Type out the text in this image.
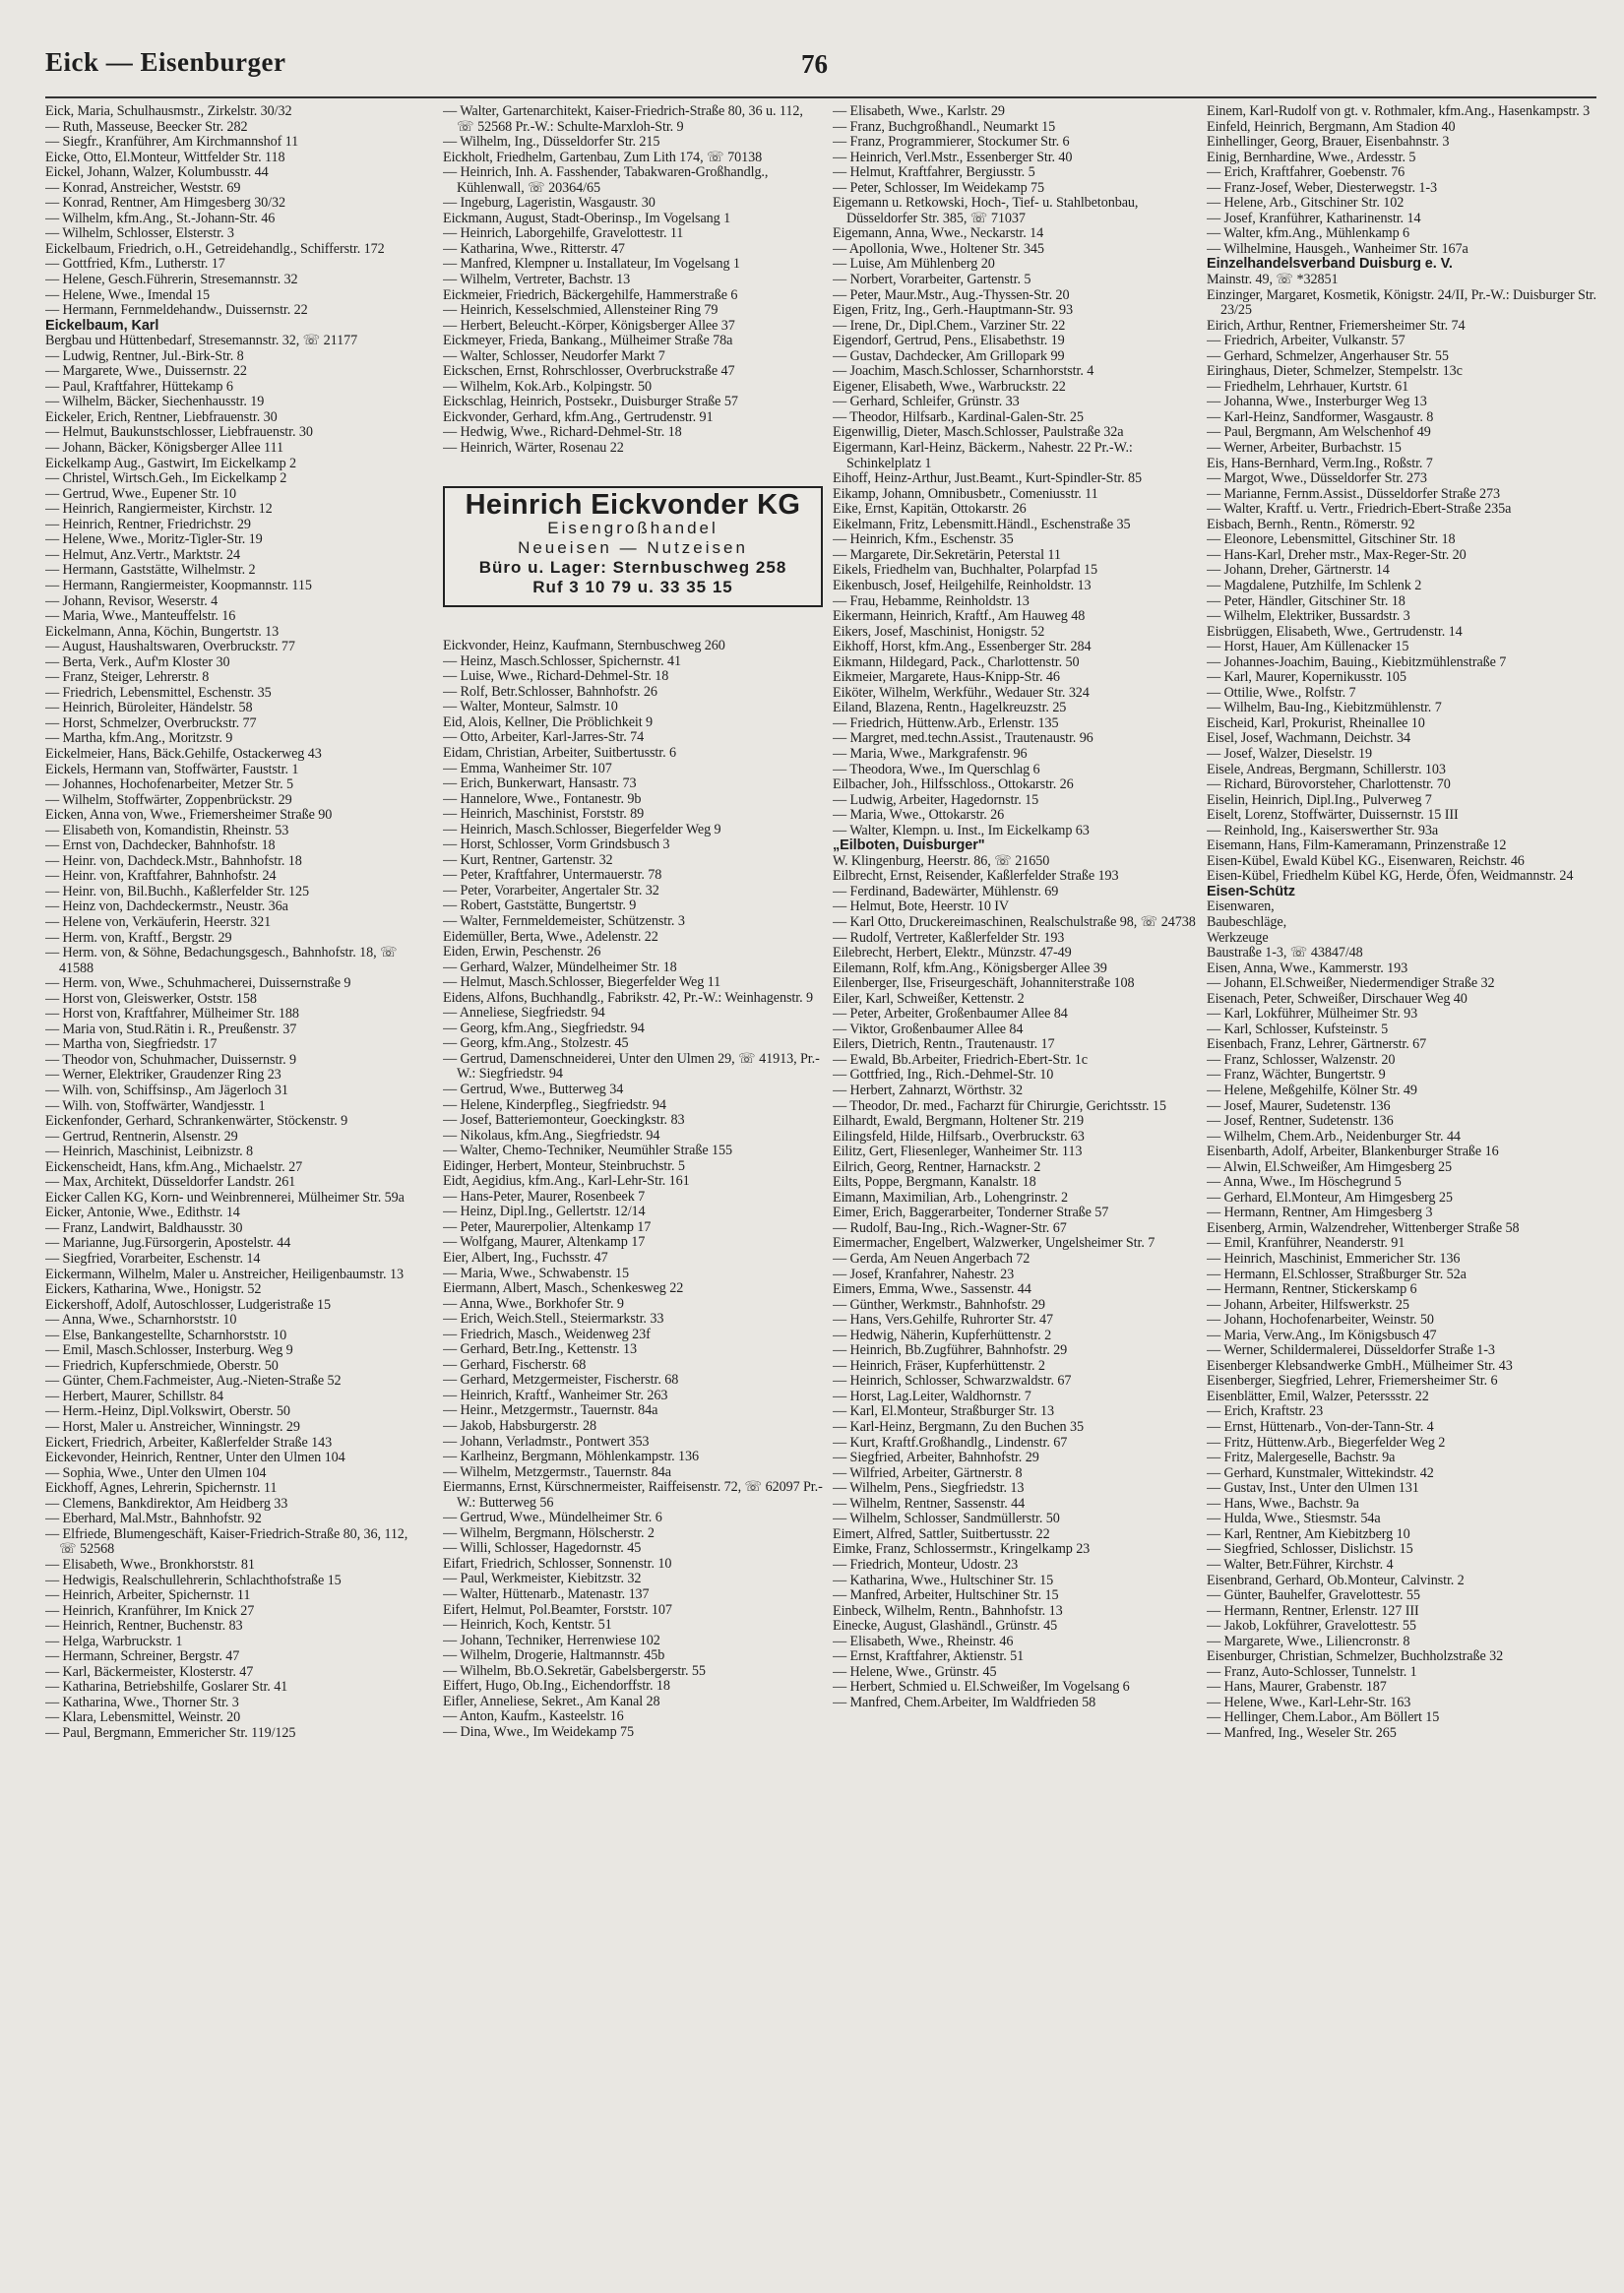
Eick — Eisenburger	76
Eick, Maria, Schulhausmstr., Zirkelstr. 30/32
— Ruth, Masseuse, Beecker Str. 282
— Siegfr., Kranführer, Am Kirchmannshof 11
Eicke, Otto, El.Monteur, Wittfelder Str. 118
Eickel, Johann, Walzer, Kolumbusstr. 44
— Konrad, Anstreicher, Weststr. 69
— Konrad, Rentner, Am Himgesberg 30/32
— Wilhelm, kfm.Ang., St.-Johann-Str. 46
— Wilhelm, Schlosser, Elsterstr. 3
Eickelbaum, Friedrich, o.H., Getreidehandlg., Schifferstr. 172
— Gottfried, Kfm., Lutherstr. 17
— Helene, Gesch.Führerin, Stresemannstr. 32
— Helene, Wwe., Imendal 15
— Hermann, Fernmeldehandw., Duissernstr. 22
Eickelbaum, Karl
Bergbau und Hüttenbedarf, Stresemannstr. 32, ☏ 21177
— Ludwig, Rentner, Jul.-Birk-Str. 8
— Margarete, Wwe., Duissernstr. 22
— Paul, Kraftfahrer, Hüttekamp 6
— Wilhelm, Bäcker, Siechenhausstr. 19
Eickeler, Erich, Rentner, Liebfrauenstr. 30
— Helmut, Baukunstschlosser, Liebfrauenstr. 30
— Johann, Bäcker, Königsberger Allee 111
Eickelkamp Aug., Gastwirt, Im Eickelkamp 2
— Christel, Wirtsch.Geh., Im Eickelkamp 2
— Gertrud, Wwe., Eupener Str. 10
— Heinrich, Rangiermeister, Kirchstr. 12
— Heinrich, Rentner, Friedrichstr. 29
— Helene, Wwe., Moritz-Tigler-Str. 19
— Helmut, Anz.Vertr., Marktstr. 24
— Hermann, Gaststätte, Wilhelmstr. 2
— Hermann, Rangiermeister, Koopmannstr. 115
— Johann, Revisor, Weserstr. 4
— Maria, Wwe., Manteuffelstr. 16
Eickelmann, Anna, Köchin, Bungertstr. 13
— August, Haushaltswaren, Overbruckstr. 77
— Berta, Verk., Auf'm Kloster 30
— Franz, Steiger, Lehrerstr. 8
— Friedrich, Lebensmittel, Eschenstr. 35
— Heinrich, Büroleiter, Händelstr. 58
— Horst, Schmelzer, Overbruckstr. 77
— Martha, kfm.Ang., Moritzstr. 9
Eickelmeier, Hans, Bäck.Gehilfe, Ostackerweg 43
Eickels, Hermann van, Stoffwärter, Fauststr. 1
— Johannes, Hochofenarbeiter, Metzer Str. 5
— Wilhelm, Stoffwärter, Zoppenbrückstr. 29
Eicken, Anna von, Wwe., Friemersheimer Straße 90
— Elisabeth von, Komandistin, Rheinstr. 53
— Ernst von, Dachdecker, Bahnhofstr. 18
— Heinr. von, Dachdeck.Mstr., Bahnhofstr. 18
— Heinr. von, Kraftfahrer, Bahnhofstr. 24
— Heinr. von, Bil.Buchh., Kaßlerfelder Str. 125
— Heinz von, Dachdeckermstr., Neustr. 36a
— Helene von, Verkäuferin, Heerstr. 321
— Herm. von, Kraftf., Bergstr. 29
— Herm. von, & Söhne, Bedachungsgesch., Bahnhofstr. 18, ☏ 41588
— Herm. von, Wwe., Schuhmacherei, Duissernstraße 9
— Horst von, Gleiswerker, Oststr. 158
— Horst von, Kraftfahrer, Mülheimer Str. 188
— Maria von, Stud.Rätin i. R., Preußenstr. 37
— Martha von, Siegfriedstr. 17
— Theodor von, Schuhmacher, Duissernstr. 9
— Werner, Elektriker, Graudenzer Ring 23
— Wilh. von, Schiffsinsp., Am Jägerloch 31
— Wilh. von, Stoffwärter, Wandjesstr. 1
Eickenfonder, Gerhard, Schrankenwärter, Stöckenstr. 9
— Gertrud, Rentnerin, Alsenstr. 29
— Heinrich, Maschinist, Leibnizstr. 8
Eickenscheidt, Hans, kfm.Ang., Michaelstr. 27
— Max, Architekt, Düsseldorfer Landstr. 261
Eicker Callen KG, Korn- und Weinbrennerei, Mülheimer Str. 59a
Eicker, Antonie, Wwe., Edithstr. 14
— Franz, Landwirt, Baldhausstr. 30
— Marianne, Jug.Fürsorgerin, Apostelstr. 44
— Siegfried, Vorarbeiter, Eschenstr. 14
Eickermann, Wilhelm, Maler u. Anstreicher, Heiligenbaumstr. 13
Eickers, Katharina, Wwe., Honigstr. 52
Eickershoff, Adolf, Autoschlosser, Ludgeristraße 15
— Anna, Wwe., Scharnhorststr. 10
— Else, Bankangestellte, Scharnhorststr. 10
— Emil, Masch.Schlosser, Insterburg. Weg 9
— Friedrich, Kupferschmiede, Oberstr. 50
— Günter, Chem.Fachmeister, Aug.-Nieten-Straße 52
— Herbert, Maurer, Schillstr. 84
— Herm.-Heinz, Dipl.Volkswirt, Oberstr. 50
— Horst, Maler u. Anstreicher, Winningstr. 29
Eickert, Friedrich, Arbeiter, Kaßlerfelder Straße 143
Eickevonder, Heinrich, Rentner, Unter den Ulmen 104
— Sophia, Wwe., Unter den Ulmen 104
Eickhoff, Agnes, Lehrerin, Spichernstr. 11
— Clemens, Bankdirektor, Am Heidberg 33
— Eberhard, Mal.Mstr., Bahnhofstr. 92
— Elfriede, Blumengeschäft, Kaiser-Friedrich-Straße 80, 36, 112, ☏ 52568
— Elisabeth, Wwe., Bronkhorststr. 81
— Hedwigis, Realschullehrerin, Schlachthofstraße 15
— Heinrich, Arbeiter, Spichernstr. 11
— Heinrich, Kranführer, Im Knick 27
— Heinrich, Rentner, Buchenstr. 83
— Helga, Warbruckstr. 1
— Hermann, Schreiner, Bergstr. 47
— Karl, Bäckermeister, Klosterstr. 47
— Katharina, Betriebshilfe, Goslarer Str. 41
— Katharina, Wwe., Thorner Str. 3
— Klara, Lebensmittel, Weinstr. 20
— Paul, Bergmann, Emmericher Str. 119/125
— Walter, Gartenarchitekt, Kaiser-Friedrich-Straße 80, 36 u. 112, ☏ 52568 Pr.-W.: Schulte-Marxloh-Str. 9
— Wilhelm, Ing., Düsseldorfer Str. 215
Eickholt, Friedhelm, Gartenbau, Zum Lith 174, ☏ 70138
— Heinrich, Inh. A. Fasshender, Tabakwaren-Großhandlg., Kühlenwall, ☏ 20364/65
— Ingeburg, Lageristin, Wasgaustr. 30
Eickmann, August, Stadt-Oberinsp., Im Vogelsang 1
— Heinrich, Laborgehilfe, Gravelottestr. 11
— Katharina, Wwe., Ritterstr. 47
— Manfred, Klempner u. Installateur, Im Vogelsang 1
— Wilhelm, Vertreter, Bachstr. 13
Eickmeier, Friedrich, Bäckergehilfe, Hammerstraße 6
— Heinrich, Kesselschmied, Allensteiner Ring 79
— Herbert, Beleucht.-Körper, Königsberger Allee 37
Eickmeyer, Frieda, Bankang., Mülheimer Straße 78a
— Walter, Schlosser, Neudorfer Markt 7
Eickschen, Ernst, Rohrschlosser, Overbruckstraße 47
— Wilhelm, Kok.Arb., Kolpingstr. 50
Eickschlag, Heinrich, Postsekr., Duisburger Straße 57
Eickvonder, Gerhard, kfm.Ang., Gertrudenstr. 91
— Hedwig, Wwe., Richard-Dehmel-Str. 18
— Heinrich, Wärter, Rosenau 22
Heinrich Eickvonder KG
Eisengroßhandel
Neueisen — Nutzeisen
Büro u. Lager: Sternbuschweg 258
Ruf 3 10 79 u. 33 35 15
Eickvonder, Heinz, Kaufmann, Sternbuschweg 260
— Heinz, Masch.Schlosser, Spichernstr. 41
— Luise, Wwe., Richard-Dehmel-Str. 18
— Rolf, Betr.Schlosser, Bahnhofstr. 26
— Walter, Monteur, Salmstr. 10
Eid, Alois, Kellner, Die Pröblichkeit 9
— Otto, Arbeiter, Karl-Jarres-Str. 74
Eidam, Christian, Arbeiter, Suitbertusstr. 6
— Emma, Wanheimer Str. 107
— Erich, Bunkerwart, Hansastr. 73
— Hannelore, Wwe., Fontanestr. 9b
— Heinrich, Maschinist, Forststr. 89
— Heinrich, Masch.Schlosser, Biegerfelder Weg 9
— Horst, Schlosser, Vorm Grindsbusch 3
— Kurt, Rentner, Gartenstr. 32
— Peter, Kraftfahrer, Untermauerstr. 78
— Peter, Vorarbeiter, Angertaler Str. 32
— Robert, Gaststätte, Bungertstr. 9
— Walter, Fernmeldemeister, Schützenstr. 3
Eidemüller, Berta, Wwe., Adelenstr. 22
Eiden, Erwin, Peschenstr. 26
— Gerhard, Walzer, Mündelheimer Str. 18
— Helmut, Masch.Schlosser, Biegerfelder Weg 11
Eidens, Alfons, Buchhandlg., Fabrikstr. 42, Pr.-W.: Weinhagenstr. 9
— Anneliese, Siegfriedstr. 94
— Georg, kfm.Ang., Siegfriedstr. 94
— Georg, kfm.Ang., Stolzestr. 45
— Gertrud, Damenschneiderei, Unter den Ulmen 29, ☏ 41913, Pr.-W.: Siegfriedstr. 94
— Gertrud, Wwe., Butterweg 34
— Helene, Kinderpfleg., Siegfriedstr. 94
— Josef, Batteriemonteur, Goeckingkstr. 83
— Nikolaus, kfm.Ang., Siegfriedstr. 94
— Walter, Chemo-Techniker, Neumühler Straße 155
Eidinger, Herbert, Monteur, Steinbruchstr. 5
Eidt, Aegidius, kfm.Ang., Karl-Lehr-Str. 161
— Hans-Peter, Maurer, Rosenbeek 7
— Heinz, Dipl.Ing., Gellertstr. 12/14
— Peter, Maurerpolier, Altenkamp 17
— Wolfgang, Maurer, Altenkamp 17
Eier, Albert, Ing., Fuchsstr. 47
— Maria, Wwe., Schwabenstr. 15
Eiermann, Albert, Masch., Schenkesweg 22
— Anna, Wwe., Borkhofer Str. 9
— Erich, Weich.Stell., Steiermarkstr. 33
— Friedrich, Masch., Weidenweg 23f
— Gerhard, Betr.Ing., Kettenstr. 13
— Gerhard, Fischerstr. 68
— Gerhard, Metzgermeister, Fischerstr. 68
— Heinrich, Kraftf., Wanheimer Str. 263
— Heinr., Metzgermstr., Tauernstr. 84a
— Jakob, Habsburgerstr. 28
— Johann, Verladmstr., Pontwert 353
— Karlheinz, Bergmann, Möhlenkampstr. 136
— Wilhelm, Metzgermstr., Tauernstr. 84a
Eiermanns, Ernst, Kürschnermeister, Raiffeisenstr. 72, ☏ 62097 Pr.-W.: Butterweg 56
— Gertrud, Wwe., Mündelheimer Str. 6
— Wilhelm, Bergmann, Hölscherstr. 2
— Willi, Schlosser, Hagedornstr. 45
Eifart, Friedrich, Schlosser, Sonnenstr. 10
— Paul, Werkmeister, Kiebitzstr. 32
— Walter, Hüttenarb., Matenastr. 137
Eifert, Helmut, Pol.Beamter, Forststr. 107
— Heinrich, Koch, Kentstr. 51
— Johann, Techniker, Herrenwiese 102
— Wilhelm, Drogerie, Haltmannstr. 45b
— Wilhelm, Bb.O.Sekretär, Gabelsbergerstr. 55
Eiffert, Hugo, Ob.Ing., Eichendorffstr. 18
Eifler, Anneliese, Sekret., Am Kanal 28
— Anton, Kaufm., Kasteelstr. 16
— Dina, Wwe., Im Weidekamp 75
— Elisabeth, Wwe., Karlstr. 29
— Franz, Buchgroßhandl., Neumarkt 15
— Franz, Programmierer, Stockumer Str. 6
— Heinrich, Verl.Mstr., Essenberger Str. 40
— Helmut, Kraftfahrer, Bergiusstr. 5
— Peter, Schlosser, Im Weidekamp 75
Eigemann u. Retkowski, Hoch-, Tief- u. Stahlbetonbau, Düsseldorfer Str. 385, ☏ 71037
Eigemann, Anna, Wwe., Neckarstr. 14
— Apollonia, Wwe., Holtener Str. 345
— Luise, Am Mühlenberg 20
— Norbert, Vorarbeiter, Gartenstr. 5
— Peter, Maur.Mstr., Aug.-Thyssen-Str. 20
Eigen, Fritz, Ing., Gerh.-Hauptmann-Str. 93
— Irene, Dr., Dipl.Chem., Varziner Str. 22
Eigendorf, Gertrud, Pens., Elisabethstr. 19
— Gustav, Dachdecker, Am Grillopark 99
— Joachim, Masch.Schlosser, Scharnhorststr. 4
Eigener, Elisabeth, Wwe., Warbruckstr. 22
— Gerhard, Schleifer, Grünstr. 33
— Theodor, Hilfsarb., Kardinal-Galen-Str. 25
Eigenwillig, Dieter, Masch.Schlosser, Paulstraße 32a
Eigermann, Karl-Heinz, Bäckerm., Nahestr. 22 Pr.-W.: Schinkelplatz 1
Eihoff, Heinz-Arthur, Just.Beamt., Kurt-Spindler-Str. 85
Eikamp, Johann, Omnibusbetr., Comeniusstr. 11
Eike, Ernst, Kapitän, Ottokarstr. 26
Eikelmann, Fritz, Lebensmitt.Händl., Eschenstraße 35
— Heinrich, Kfm., Eschenstr. 35
— Margarete, Dir.Sekretärin, Peterstal 11
Eikels, Friedhelm van, Buchhalter, Polarpfad 15
Eikenbusch, Josef, Heilgehilfe, Reinholdstr. 13
— Frau, Hebamme, Reinholdstr. 13
Eikermann, Heinrich, Kraftf., Am Hauweg 48
Eikers, Josef, Maschinist, Honigstr. 52
Eikhoff, Horst, kfm.Ang., Essenberger Str. 284
Eikmann, Hildegard, Pack., Charlottenstr. 50
Eikmeier, Margarete, Haus-Knipp-Str. 46
Eiköter, Wilhelm, Werkführ., Wedauer Str. 324
Eiland, Blazena, Rentn., Hagelkreuzstr. 25
— Friedrich, Hüttenw.Arb., Erlenstr. 135
— Margret, med.techn.Assist., Trautenaustr. 96
— Maria, Wwe., Markgrafenstr. 96
— Theodora, Wwe., Im Querschlag 6
Eilbacher, Joh., Hilfsschloss., Ottokarstr. 26
— Ludwig, Arbeiter, Hagedornstr. 15
— Maria, Wwe., Ottokarstr. 26
— Walter, Klempn. u. Inst., Im Eickelkamp 63
„Eilboten, Duisburger"
W. Klingenburg, Heerstr. 86, ☏ 21650
Eilbrecht, Ernst, Reisender, Kaßlerfelder Straße 193
— Ferdinand, Badewärter, Mühlenstr. 69
— Helmut, Bote, Heerstr. 10 IV
— Karl Otto, Druckereimaschinen, Realschulstraße 98, ☏ 24738
— Rudolf, Vertreter, Kaßlerfelder Str. 193
Eilebrecht, Herbert, Elektr., Münzstr. 47-49
Eilemann, Rolf, kfm.Ang., Königsberger Allee 39
Eilenberger, Ilse, Friseurgeschäft, Johanniterstraße 108
Eiler, Karl, Schweißer, Kettenstr. 2
— Peter, Arbeiter, Großenbaumer Allee 84
— Viktor, Großenbaumer Allee 84
Eilers, Dietrich, Rentn., Trautenaustr. 17
— Ewald, Bb.Arbeiter, Friedrich-Ebert-Str. 1c
— Gottfried, Ing., Rich.-Dehmel-Str. 10
— Herbert, Zahnarzt, Wörthstr. 32
— Theodor, Dr. med., Facharzt für Chirurgie, Gerichtsstr. 15
Eilhardt, Ewald, Bergmann, Holtener Str. 219
Eilingsfeld, Hilde, Hilfsarb., Overbruckstr. 63
Eilitz, Gert, Fliesenleger, Wanheimer Str. 113
Eilrich, Georg, Rentner, Harnackstr. 2
Eilts, Poppe, Bergmann, Kanalstr. 18
Eimann, Maximilian, Arb., Lohengrinstr. 2
Eimer, Erich, Baggerarbeiter, Tonderner Straße 57
— Rudolf, Bau-Ing., Rich.-Wagner-Str. 67
Eimermacher, Engelbert, Walzwerker, Ungelsheimer Str. 7
— Gerda, Am Neuen Angerbach 72
— Josef, Kranfahrer, Nahestr. 23
Eimers, Emma, Wwe., Sassenstr. 44
— Günther, Werkmstr., Bahnhofstr. 29
— Hans, Vers.Gehilfe, Ruhrorter Str. 47
— Hedwig, Näherin, Kupferhüttenstr. 2
— Heinrich, Bb.Zugführer, Bahnhofstr. 29
— Heinrich, Fräser, Kupferhüttenstr. 2
— Heinrich, Schlosser, Schwarzwaldstr. 67
— Horst, Lag.Leiter, Waldhornstr. 7
— Karl, El.Monteur, Straßburger Str. 13
— Karl-Heinz, Bergmann, Zu den Buchen 35
— Kurt, Kraftf.Großhandlg., Lindenstr. 67
— Siegfried, Arbeiter, Bahnhofstr. 29
— Wilfried, Arbeiter, Gärtnerstr. 8
— Wilhelm, Pens., Siegfriedstr. 13
— Wilhelm, Rentner, Sassenstr. 44
— Wilhelm, Schlosser, Sandmüllerstr. 50
Eimert, Alfred, Sattler, Suitbertusstr. 22
Eimke, Franz, Schlossermstr., Kringelkamp 23
— Friedrich, Monteur, Udostr. 23
— Katharina, Wwe., Hultschiner Str. 15
— Manfred, Arbeiter, Hultschiner Str. 15
Einbeck, Wilhelm, Rentn., Bahnhofstr. 13
Einecke, August, Glashändl., Grünstr. 45
— Elisabeth, Wwe., Rheinstr. 46
— Ernst, Kraftfahrer, Aktienstr. 51
— Helene, Wwe., Grünstr. 45
— Herbert, Schmied u. El.Schweißer, Im Vogelsang 6
— Manfred, Chem.Arbeiter, Im Waldfrieden 58
Einem, Karl-Rudolf von gt. v. Rothmaler, kfm.Ang., Hasenkampstr. 3
Einfeld, Heinrich, Bergmann, Am Stadion 40
Einhellinger, Georg, Brauer, Eisenbahnstr. 3
Einig, Bernhardine, Wwe., Ardesstr. 5
— Erich, Kraftfahrer, Goebenstr. 76
— Franz-Josef, Weber, Diesterwegstr. 1-3
— Helene, Arb., Gitschiner Str. 102
— Josef, Kranführer, Katharinenstr. 14
— Walter, kfm.Ang., Mühlenkamp 6
— Wilhelmine, Hausgeh., Wanheimer Str. 167a
Einzelhandelsverband Duisburg e. V.
Mainstr. 49, ☏ *32851
Einzinger, Margaret, Kosmetik, Königstr. 24/II, Pr.-W.: Duisburger Str. 23/25
Eirich, Arthur, Rentner, Friemersheimer Str. 74
— Friedrich, Arbeiter, Vulkanstr. 57
— Gerhard, Schmelzer, Angerhauser Str. 55
Eiringhaus, Dieter, Schmelzer, Stempelstr. 13c
— Friedhelm, Lehrhauer, Kurtstr. 61
— Johanna, Wwe., Insterburger Weg 13
— Karl-Heinz, Sandformer, Wasgaustr. 8
— Paul, Bergmann, Am Welschenhof 49
— Werner, Arbeiter, Burbachstr. 15
Eis, Hans-Bernhard, Verm.Ing., Roßstr. 7
— Margot, Wwe., Düsseldorfer Str. 273
— Marianne, Fernm.Assist., Düsseldorfer Straße 273
— Walter, Kraftf. u. Vertr., Friedrich-Ebert-Straße 235a
Eisbach, Bernh., Rentn., Römerstr. 92
— Eleonore, Lebensmittel, Gitschiner Str. 18
— Hans-Karl, Dreher mstr., Max-Reger-Str. 20
— Johann, Dreher, Gärtnerstr. 14
— Magdalene, Putzhilfe, Im Schlenk 2
— Peter, Händler, Gitschiner Str. 18
— Wilhelm, Elektriker, Bussardstr. 3
Eisbrüggen, Elisabeth, Wwe., Gertrudenstr. 14
— Horst, Hauer, Am Küllenacker 15
— Johannes-Joachim, Bauing., Kiebitzmühlenstraße 7
— Karl, Maurer, Kopernikusstr. 105
— Ottilie, Wwe., Rolfstr. 7
— Wilhelm, Bau-Ing., Kiebitzmühlenstr. 7
Eischeid, Karl, Prokurist, Rheinallee 10
Eisel, Josef, Wachmann, Deichstr. 34
— Josef, Walzer, Dieselstr. 19
Eisele, Andreas, Bergmann, Schillerstr. 103
— Richard, Bürovorsteher, Charlottenstr. 70
Eiselin, Heinrich, Dipl.Ing., Pulverweg 7
Eiselt, Lorenz, Stoffwärter, Duissernstr. 15 III
— Reinhold, Ing., Kaiserswerther Str. 93a
Eisemann, Hans, Film-Kameramann, Prinzenstraße 12
Eisen-Kübel, Ewald Kübel KG., Eisenwaren, Reichstr. 46
Eisen-Kübel, Friedhelm Kübel KG, Herde, Öfen, Weidmannstr. 24
Eisen-Schütz
Eisenwaren,
Baubeschläge,
Werkzeuge
Baustraße 1-3, ☏ 43847/48
Eisen, Anna, Wwe., Kammerstr. 193
— Johann, El.Schweißer, Niedermendiger Straße 32
Eisenach, Peter, Schweißer, Dirschauer Weg 40
— Karl, Lokführer, Mülheimer Str. 93
— Karl, Schlosser, Kufsteinstr. 5
Eisenbach, Franz, Lehrer, Gärtnerstr. 67
— Franz, Schlosser, Walzenstr. 20
— Franz, Wächter, Bungertstr. 9
— Helene, Meßgehilfe, Kölner Str. 49
— Josef, Maurer, Sudetenstr. 136
— Josef, Rentner, Sudetenstr. 136
— Wilhelm, Chem.Arb., Neidenburger Str. 44
Eisenbarth, Adolf, Arbeiter, Blankenburger Straße 16
— Alwin, El.Schweißer, Am Himgesberg 25
— Anna, Wwe., Im Höschegrund 5
— Gerhard, El.Monteur, Am Himgesberg 25
— Hermann, Rentner, Am Himgesberg 3
Eisenberg, Armin, Walzendreher, Wittenberger Straße 58
— Emil, Kranführer, Neanderstr. 91
— Heinrich, Maschinist, Emmericher Str. 136
— Hermann, El.Schlosser, Straßburger Str. 52a
— Hermann, Rentner, Stickerskamp 6
— Johann, Arbeiter, Hilfswerkstr. 25
— Johann, Hochofenarbeiter, Weinstr. 50
— Maria, Verw.Ang., Im Königsbusch 47
— Werner, Schildermalerei, Düsseldorfer Straße 1-3
Eisenberger Klebsandwerke GmbH., Mülheimer Str. 43
Eisenberger, Siegfried, Lehrer, Friemersheimer Str. 6
Eisenblätter, Emil, Walzer, Peterssstr. 22
— Erich, Kraftstr. 23
— Ernst, Hüttenarb., Von-der-Tann-Str. 4
— Fritz, Hüttenw.Arb., Biegerfelder Weg 2
— Fritz, Malergeselle, Bachstr. 9a
— Gerhard, Kunstmaler, Wittekindstr. 42
— Gustav, Inst., Unter den Ulmen 131
— Hans, Wwe., Bachstr. 9a
— Hulda, Wwe., Stiesmstr. 54a
— Karl, Rentner, Am Kiebitzberg 10
— Siegfried, Schlosser, Dislichstr. 15
— Walter, Betr.Führer, Kirchstr. 4
Eisenbrand, Gerhard, Ob.Monteur, Calvinstr. 2
— Günter, Bauhelfer, Gravelottestr. 55
— Hermann, Rentner, Erlenstr. 127 III
— Jakob, Lokführer, Gravelottestr. 55
— Margarete, Wwe., Liliencronstr. 8
Eisenburger, Christian, Schmelzer, Buchholzstraße 32
— Franz, Auto-Schlosser, Tunnelstr. 1
— Hans, Maurer, Grabenstr. 187
— Helene, Wwe., Karl-Lehr-Str. 163
— Hellinger, Chem.Labor., Am Böllert 15
— Manfred, Ing., Weseler Str. 265
